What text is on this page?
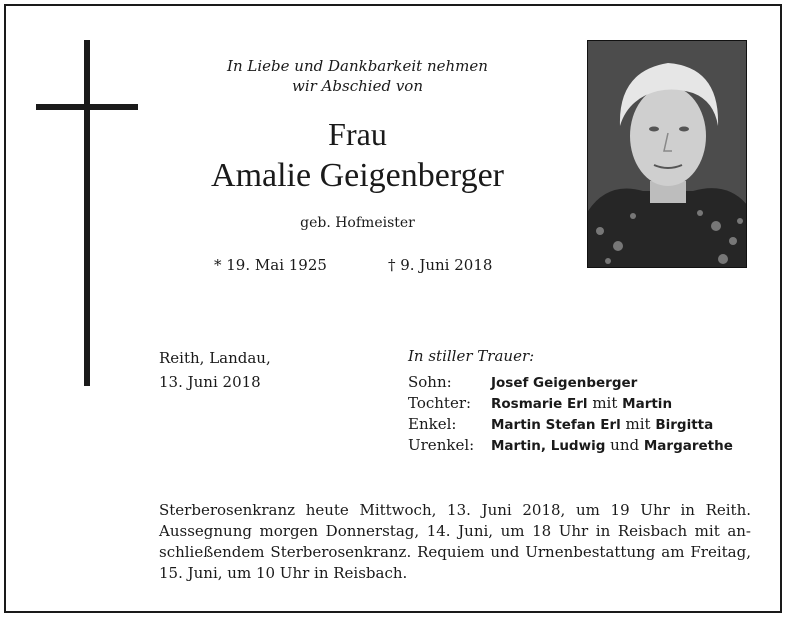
In Liebe und Dankbarkeit nehmen
wir Abschied von
Frau
Amalie Geigenberger
geb. Hofmeister
* 19. Mai 1925	† 9. Juni 2018
Reith, Landau,
13. Juni 2018
In stiller Trauer:
Sohn:	Josef Geigenberger
Tochter: Rosmarie Erl mit Martin
Enkel:	Martin Stefan Erl mit Birgitta
Urenkel: Martin, Ludwig und Margarethe
Sterberosenkranz heute Mittwoch, 13. Juni 2018, um 19 Uhr in Reith.
Aussegnung morgen Donnerstag, 14. Juni, um 18 Uhr in Reisbach mit an-
schließendem Sterberosenkranz. Requiem und Urnenbestattung am Freitag,
15. Juni, um 10 Uhr in Reisbach.
